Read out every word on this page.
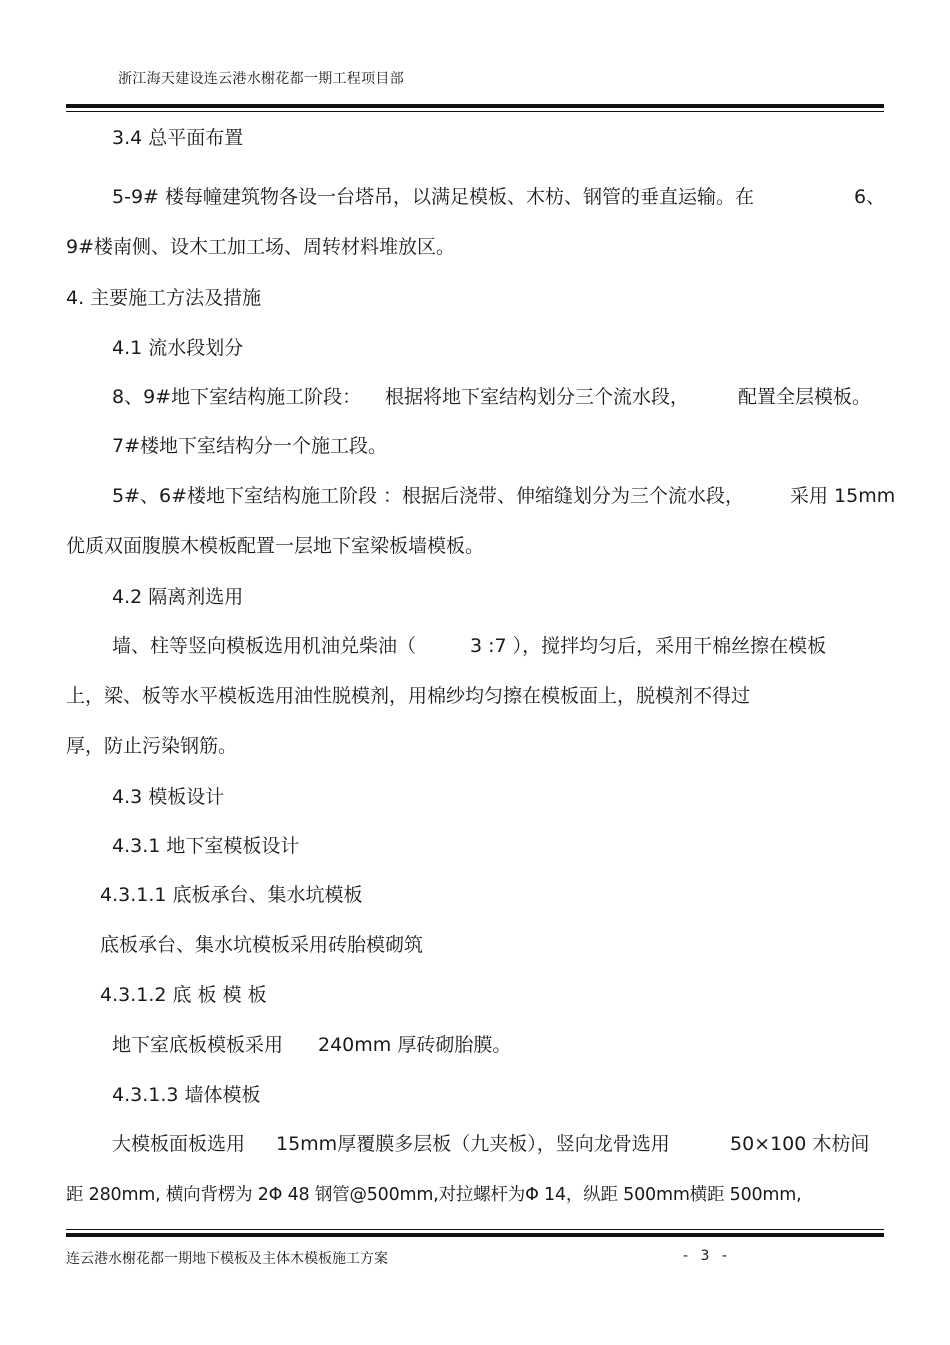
浙江海天建设连云港水榭花都一期工程项目部
3.4 总平面布置
5-9# 楼每幢建筑物各设一台塔吊，以满足模板、木枋、钢管的垂直运输。在	6、
9#楼南侧、设木工加工场、周转材料堆放区。
4. 主要施工方法及措施
4.1 流水段划分
8、9#地下室结构施工阶段： 根据将地下室结构划分三个流水段，	配置全层模板。
7#楼地下室结构分一个施工段。
5#、6#楼地下室结构施工阶段 ：根据后浇带、伸缩缝划分为三个流水段， 采用 15mm
优质双面腹膜木模板配置一层地下室梁板墙模板。
4.2 隔离剂选用
墙、柱等竖向模板选用机油兑柴油（	3 :7 ），搅拌均匀后，采用干棉丝擦在模板
上，梁、板等水平模板选用油性脱模剂，用棉纱均匀擦在模板面上，脱模剂不得过
厚，防止污染钢筋。
4.3 模板设计
4.3.1 地下室模板设计
4.3.1.1 底板承台、集水坑模板
底板承台、集水坑模板采用砖胎模砌筑
4.3.1.2 底 板 模 板
地下室底板模板采用 240mm 厚砖砌胎膜。
4.3.1.3 墙体模板
大模板面板选用 15mm厚覆膜多层板（九夹板），竖向龙骨选用	50×100 木枋间
距 280mm, 横向背楞为 2Φ 48 钢管@500mm,对拉螺杆为Φ 14，纵距 500mm横距 500mm,
连云港水榭花都一期地下模板及主体木模板施工方案	- 3 -
